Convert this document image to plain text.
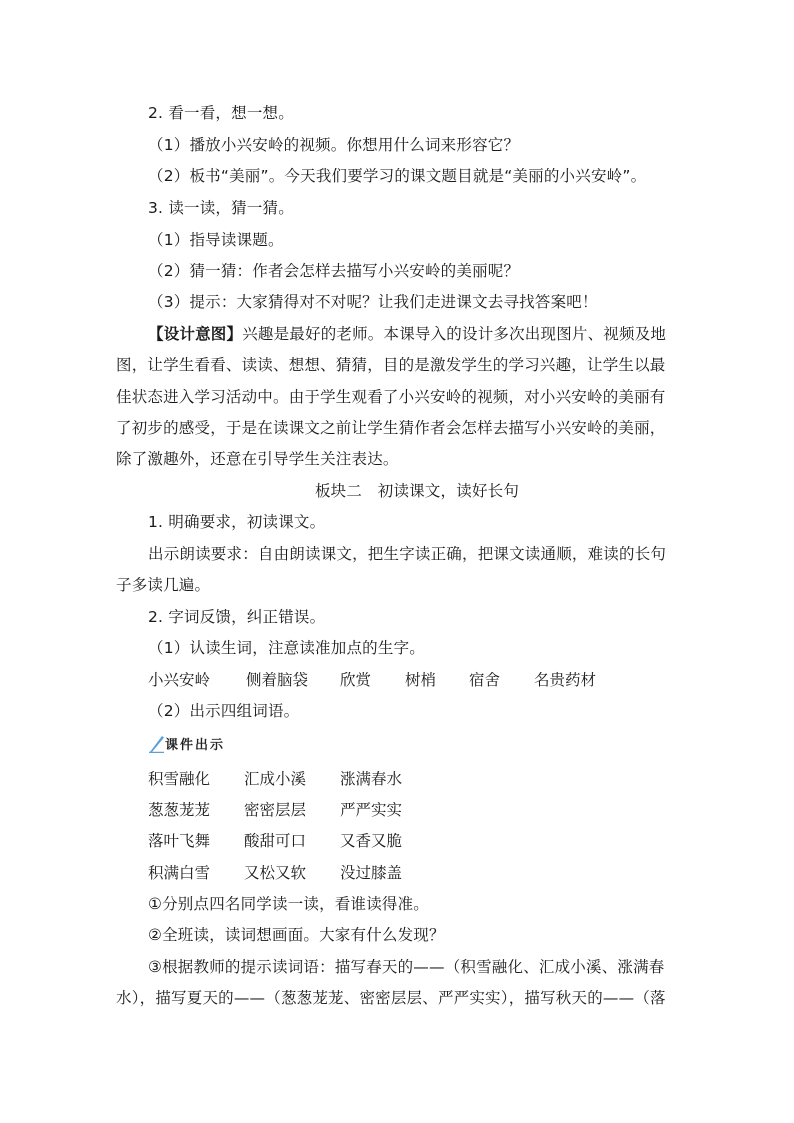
2. 看一看，想一想。
（1）播放小兴安岭的视频。你想用什么词来形容它？
（2）板书“美丽”。今天我们要学习的课文题目就是“美丽的小兴安岭”。
3. 读一读，猜一猜。
（1）指导读课题。
（2）猜一猜：作者会怎样去描写小兴安岭的美丽呢？
（3）提示：大家猜得对不对呢？让我们走进课文去寻找答案吧！
【设计意图】兴趣是最好的老师。本课导入的设计多次出现图片、视频及地
图，让学生看看、读读、想想、猜猜，目的是激发学生的学习兴趣，让学生以最
佳状态进入学习活动中。由于学生观看了小兴安岭的视频，对小兴安岭的美丽有
了初步的感受，于是在读课文之前让学生猜作者会怎样去描写小兴安岭的美丽，
除了激趣外，还意在引导学生关注表达。
板块二　初读课文，读好长句
1. 明确要求，初读课文。
出示朗读要求：自由朗读课文，把生字读正确，把课文读通顺，难读的长句
子多读几遍。
2. 字词反馈，纠正错误。
（1）认读生词，注意读准加点的生字。
小兴安岭 侧着脑袋 欣赏 树梢 宿舍 名贵药材
（2）出示四组词语。
课件出示
积雪融化 汇成小溪 涨满春水
葱葱茏茏 密密层层 严严实实
落叶飞舞 酸甜可口 又香又脆
积满白雪 又松又软 没过膝盖
①分别点四名同学读一读，看谁读得准。
②全班读，读词想画面。大家有什么发现？
③根据教师的提示读词语：描写春天的——（积雪融化、汇成小溪、涨满春
水），描写夏天的——（葱葱茏茏、密密层层、严严实实），描写秋天的——（落
